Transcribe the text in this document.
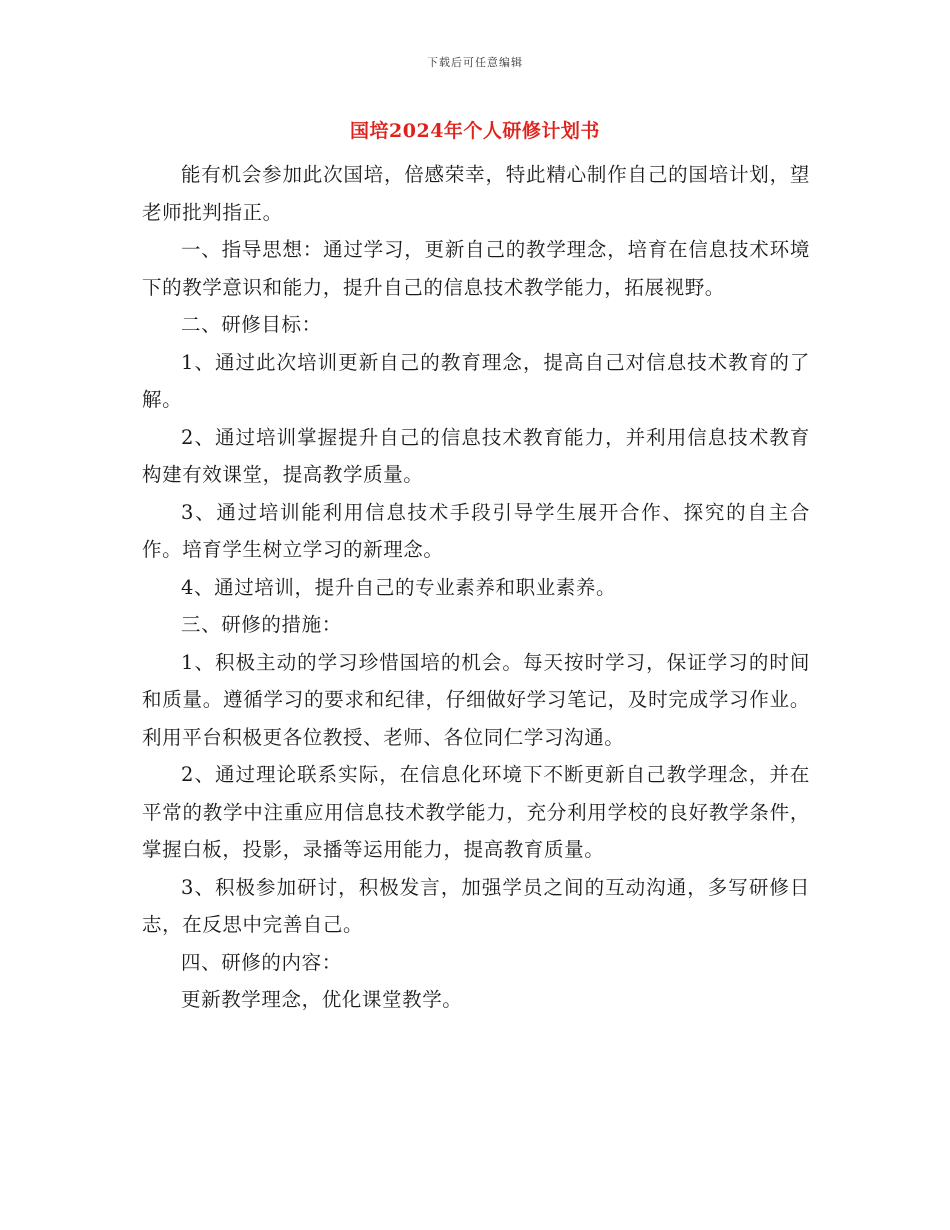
下载后可任意编辑
国培2024年个人研修计划书

能有机会参加此次国培，倍感荣幸，特此精心制作自己的国培计划，望老师批判指正。

一、指导思想：通过学习，更新自己的教学理念，培育在信息技术环境下的教学意识和能力，提升自己的信息技术教学能力，拓展视野。

二、研修目标：

1、通过此次培训更新自己的教育理念，提高自己对信息技术教育的了解。

2、通过培训掌握提升自己的信息技术教育能力，并利用信息技术教育构建有效课堂，提高教学质量。

3、通过培训能利用信息技术手段引导学生展开合作、探究的自主合作。培育学生树立学习的新理念。

4、通过培训，提升自己的专业素养和职业素养。

三、研修的措施：

1、积极主动的学习珍惜国培的机会。每天按时学习，保证学习的时间和质量。遵循学习的要求和纪律，仔细做好学习笔记，及时完成学习作业。利用平台积极更各位教授、老师、各位同仁学习沟通。

2、通过理论联系实际，在信息化环境下不断更新自己教学理念，并在平常的教学中注重应用信息技术教学能力，充分利用学校的良好教学条件，掌握白板，投影，录播等运用能力，提高教育质量。

3、积极参加研讨，积极发言，加强学员之间的互动沟通，多写研修日志，在反思中完善自己。

四、研修的内容：

更新教学理念，优化课堂教学。
